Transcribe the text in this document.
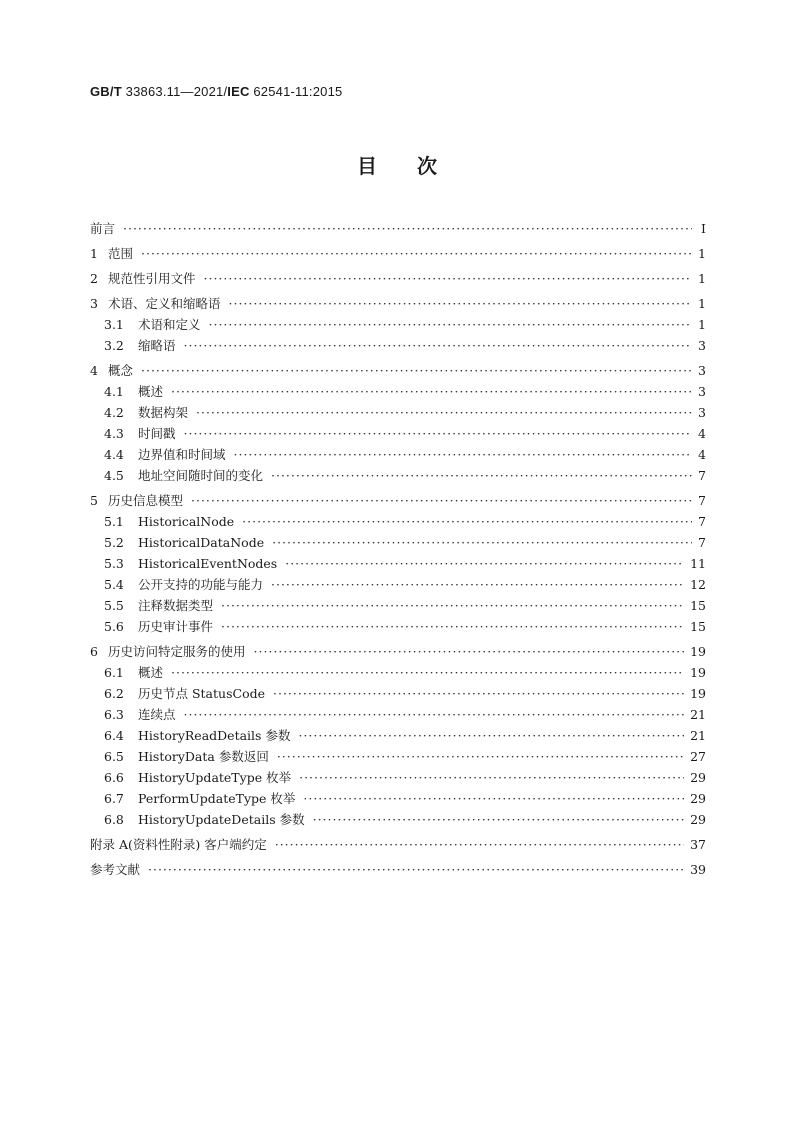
GB/T 33863.11—2021/IEC 62541-11:2015
目次
前言 ·····	Ⅰ
1 范围 ·····	1
2 规范性引用文件 ·····	1
3 术语、定义和缩略语 ·····	1
3.1	术语和定义 ·····	1
3.2	缩略语 ·····	3
4 概念 ·····	3
4.1	概述 ·····	3
4.2	数据构架 ·····	3
4.3	时间戳 ·····	4
4.4	边界值和时间域 ·····	4
4.5	地址空间随时间的变化 ·····	7
5 历史信息模型 ·····	7
5.1	HistoricalNode ·····	7
5.2	HistoricalDataNode ·····	7
5.3	HistoricalEventNodes ·····	11
5.4	公开支持的功能与能力 ·····	12
5.5	注释数据类型 ·····	15
5.6	历史审计事件 ·····	15
6 历史访问特定服务的使用 ·····	19
6.1	概述 ·····	19
6.2	历史节点 StatusCode ·····	19
6.3	连续点 ·····	21
6.4	HistoryReadDetails 参数 ·····	21
6.5	HistoryData 参数返回 ·····	27
6.6	HistoryUpdateType 枚举 ·····	29
6.7	PerformUpdateType 枚举 ·····	29
6.8	HistoryUpdateDetails 参数 ·····	29
附录 A(资料性附录) 客户端约定 ·····	37
参考文献 ·····	39
